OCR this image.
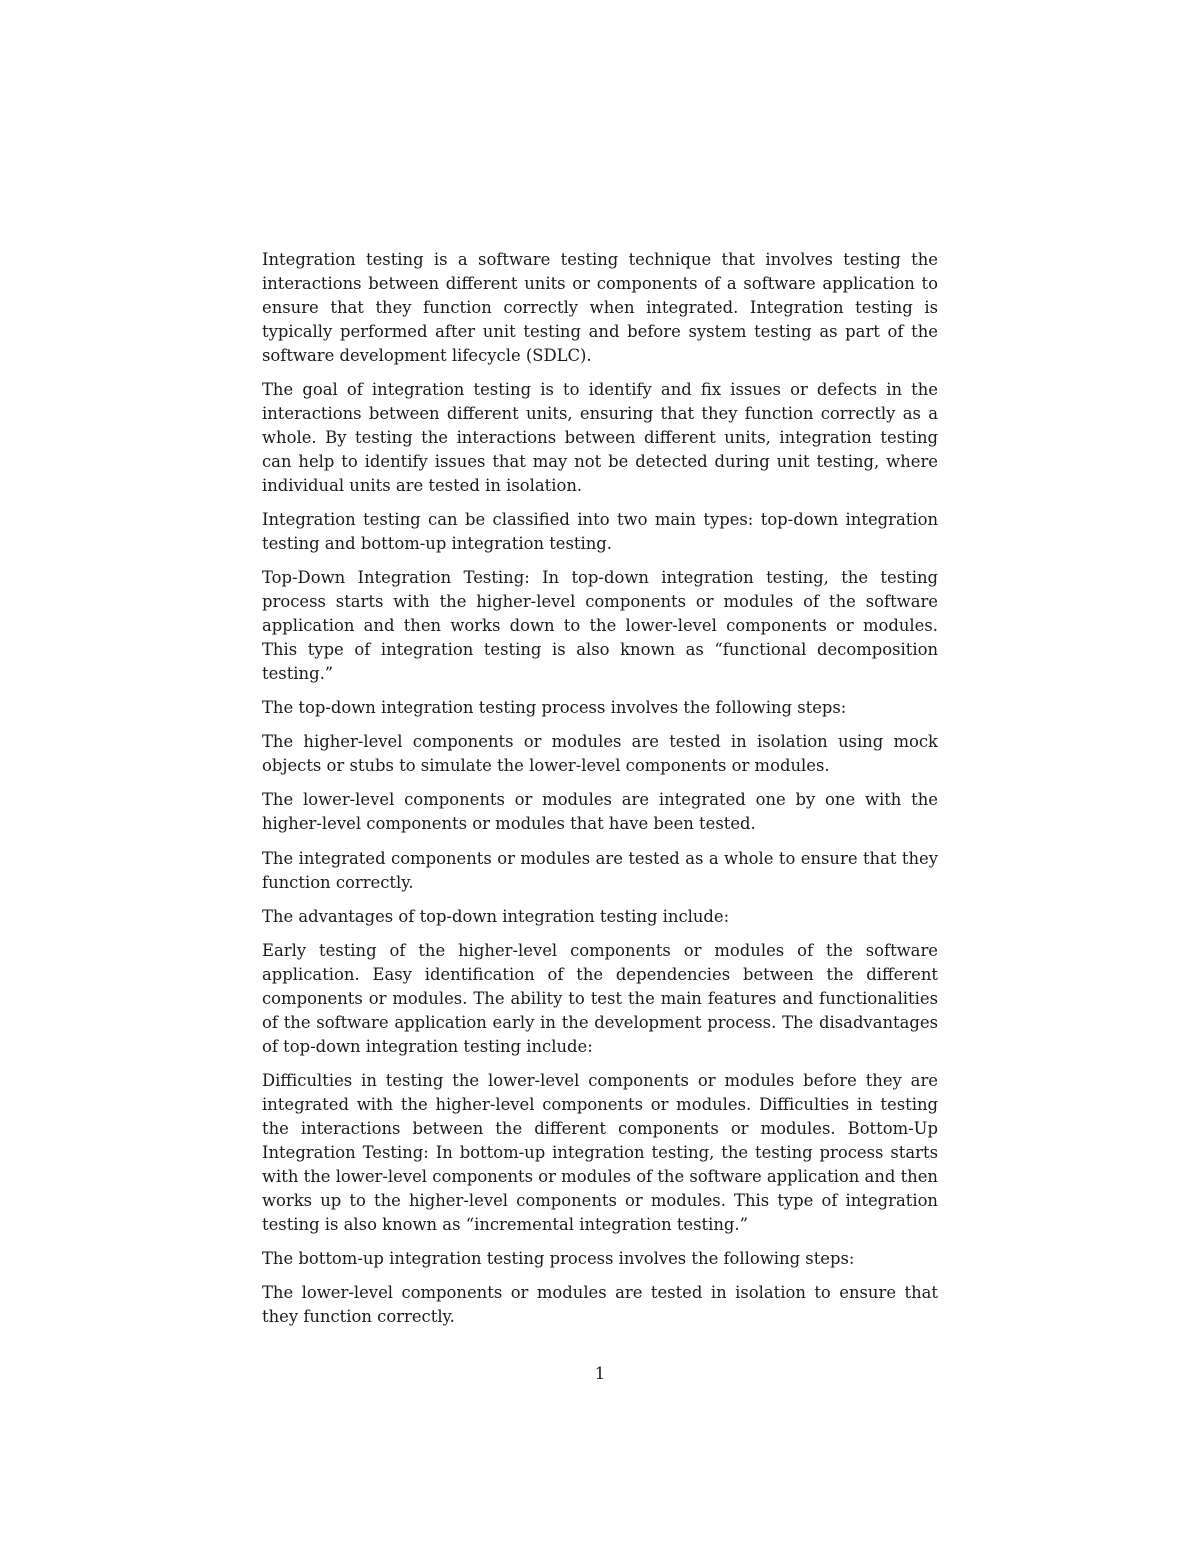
Integration testing is a software testing technique that involves testing the interactions between different units or components of a software application to ensure that they function correctly when integrated. Integration testing is typically performed after unit testing and before system testing as part of the software development lifecycle (SDLC).

The goal of integration testing is to identify and fix issues or defects in the interactions between different units, ensuring that they function correctly as a whole. By testing the interactions between different units, integration testing can help to identify issues that may not be detected during unit testing, where individual units are tested in isolation.

Integration testing can be classified into two main types: top-down integration testing and bottom-up integration testing.

Top-Down Integration Testing: In top-down integration testing, the testing process starts with the higher-level components or modules of the software application and then works down to the lower-level components or modules. This type of integration testing is also known as “functional decomposition testing.”

The top-down integration testing process involves the following steps:

The higher-level components or modules are tested in isolation using mock objects or stubs to simulate the lower-level components or modules.

The lower-level components or modules are integrated one by one with the higher-level components or modules that have been tested.

The integrated components or modules are tested as a whole to ensure that they function correctly.

The advantages of top-down integration testing include:

Early testing of the higher-level components or modules of the software application. Easy identification of the dependencies between the different components or modules. The ability to test the main features and functionalities of the software application early in the development process. The disadvantages of top-down integration testing include:

Difficulties in testing the lower-level components or modules before they are integrated with the higher-level components or modules. Difficulties in testing the interactions between the different components or modules. Bottom-Up Integration Testing: In bottom-up integration testing, the testing process starts with the lower-level components or modules of the software application and then works up to the higher-level components or modules. This type of integration testing is also known as “incremental integration testing.”

The bottom-up integration testing process involves the following steps:

The lower-level components or modules are tested in isolation to ensure that they function correctly.

1
